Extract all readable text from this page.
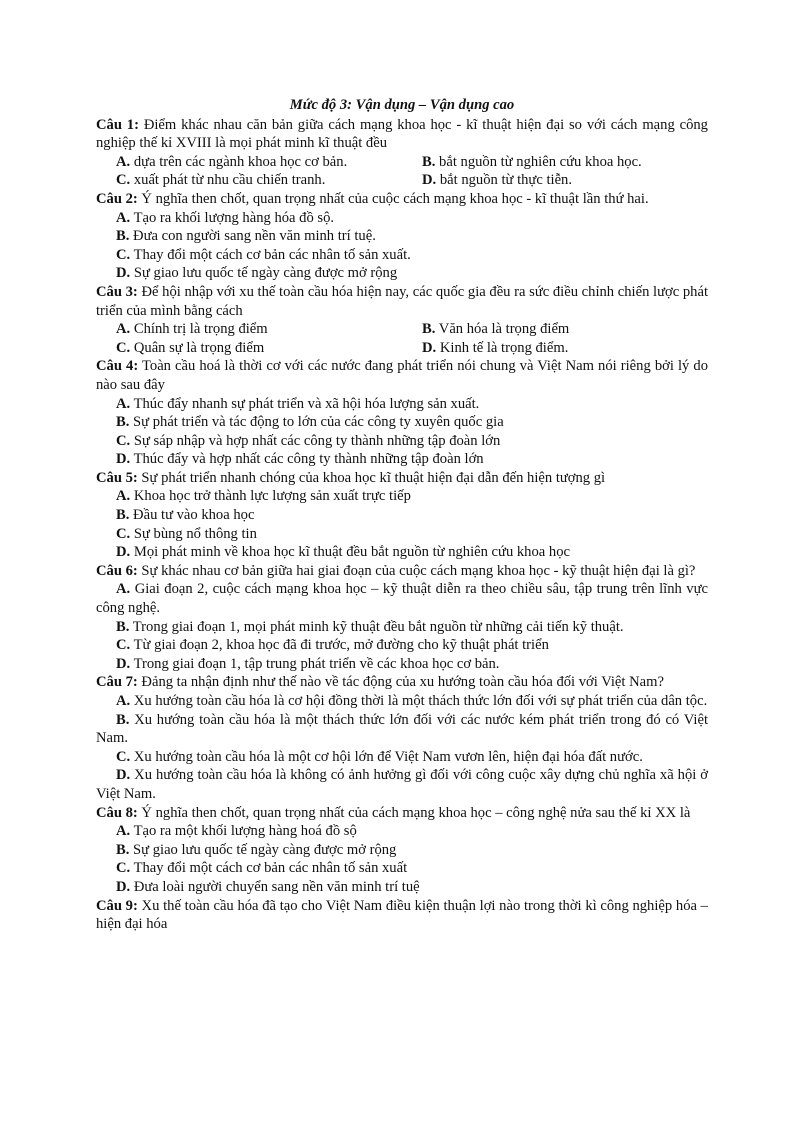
Mức độ 3: Vận dụng – Vận dụng cao

Câu 1: Điểm khác nhau căn bản giữa cách mạng khoa học - kĩ thuật hiện đại so với cách mạng công nghiệp thế kỉ XVIII là mọi phát minh kĩ thuật đều

A. dựa trên các ngành khoa học cơ bản.	B. bắt nguồn từ nghiên cứu khoa học.
C. xuất phát từ nhu cầu chiến tranh.	D. bắt nguồn từ thực tiễn.

Câu 2: Ý nghĩa then chốt, quan trọng nhất của cuộc cách mạng khoa học - kĩ thuật lần thứ hai.

A. Tạo ra khối lượng hàng hóa đồ sộ.
B. Đưa con người sang nền văn minh trí tuệ.
C. Thay đổi một cách cơ bản các nhân tố sản xuất.
D. Sự giao lưu quốc tế ngày càng được mở rộng

Câu 3: Để hội nhập với xu thế toàn cầu hóa hiện nay, các quốc gia đều ra sức điều chỉnh chiến lược phát triển của mình bằng cách

A. Chính trị là trọng điểm	B. Văn hóa là trọng điểm
C. Quân sự là trọng điểm	D. Kinh tế là trọng điểm.

Câu 4: Toàn cầu hoá là thời cơ với các nước đang phát triển nói chung và Việt Nam nói riêng bởi lý do nào sau đây

A. Thúc đẩy nhanh sự phát triển và xã hội hóa lượng sản xuất.
B. Sự phát triển và tác động to lớn của các công ty xuyên quốc gia
C. Sự sáp nhập và hợp nhất các công ty thành những tập đoàn lớn
D. Thúc đẩy và hợp nhất các công ty thành những tập đoàn lớn

Câu 5: Sự phát triển nhanh chóng của khoa học kĩ thuật hiện đại dẫn đến hiện tượng gì

A. Khoa học trở thành lực lượng sản xuất trực tiếp
B. Đầu tư vào khoa học
C. Sự bùng nổ thông tin
D. Mọi phát minh về khoa học kĩ thuật đều bắt nguồn từ nghiên cứu khoa học

Câu 6: Sự khác nhau cơ bản giữa hai giai đoạn của cuộc cách mạng khoa học - kỹ thuật hiện đại là gì?

A. Giai đoạn 2, cuộc cách mạng khoa học – kỹ thuật diễn ra theo chiều sâu, tập trung trên lĩnh vực công nghệ.
B. Trong giai đoạn 1, mọi phát minh kỹ thuật đều bắt nguồn từ những cải tiến kỹ thuật.
C. Từ giai đoạn 2, khoa học đã đi trước, mở đường cho kỹ thuật phát triển
D. Trong giai đoạn 1, tập trung phát triển về các khoa học cơ bản.

Câu 7: Đảng ta nhận định như thế nào về tác động của xu hướng toàn cầu hóa đối với Việt Nam?

A. Xu hướng toàn cầu hóa là cơ hội đồng thời là một thách thức lớn đối với sự phát triển của dân tộc.
B. Xu hướng toàn cầu hóa là một thách thức lớn đối với các nước kém phát triển trong đó có Việt Nam.
C. Xu hướng toàn cầu hóa là một cơ hội lớn để Việt Nam vươn lên, hiện đại hóa đất nước.
D. Xu hướng toàn cầu hóa là không có ảnh hưởng gì đối với công cuộc xây dựng chủ nghĩa xã hội ở Việt Nam.

Câu 8: Ý nghĩa then chốt, quan trọng nhất của cách mạng khoa học – công nghệ nửa sau thế kỉ XX là

A. Tạo ra một khối lượng hàng hoá đồ sộ
B. Sự giao lưu quốc tế ngày càng được mở rộng
C. Thay đổi một cách cơ bản các nhân tố sản xuất
D. Đưa loài người chuyển sang nền văn minh trí tuệ

Câu 9: Xu thế toàn cầu hóa đã tạo cho Việt Nam điều kiện thuận lợi nào trong thời kì công nghiệp hóa – hiện đại hóa
